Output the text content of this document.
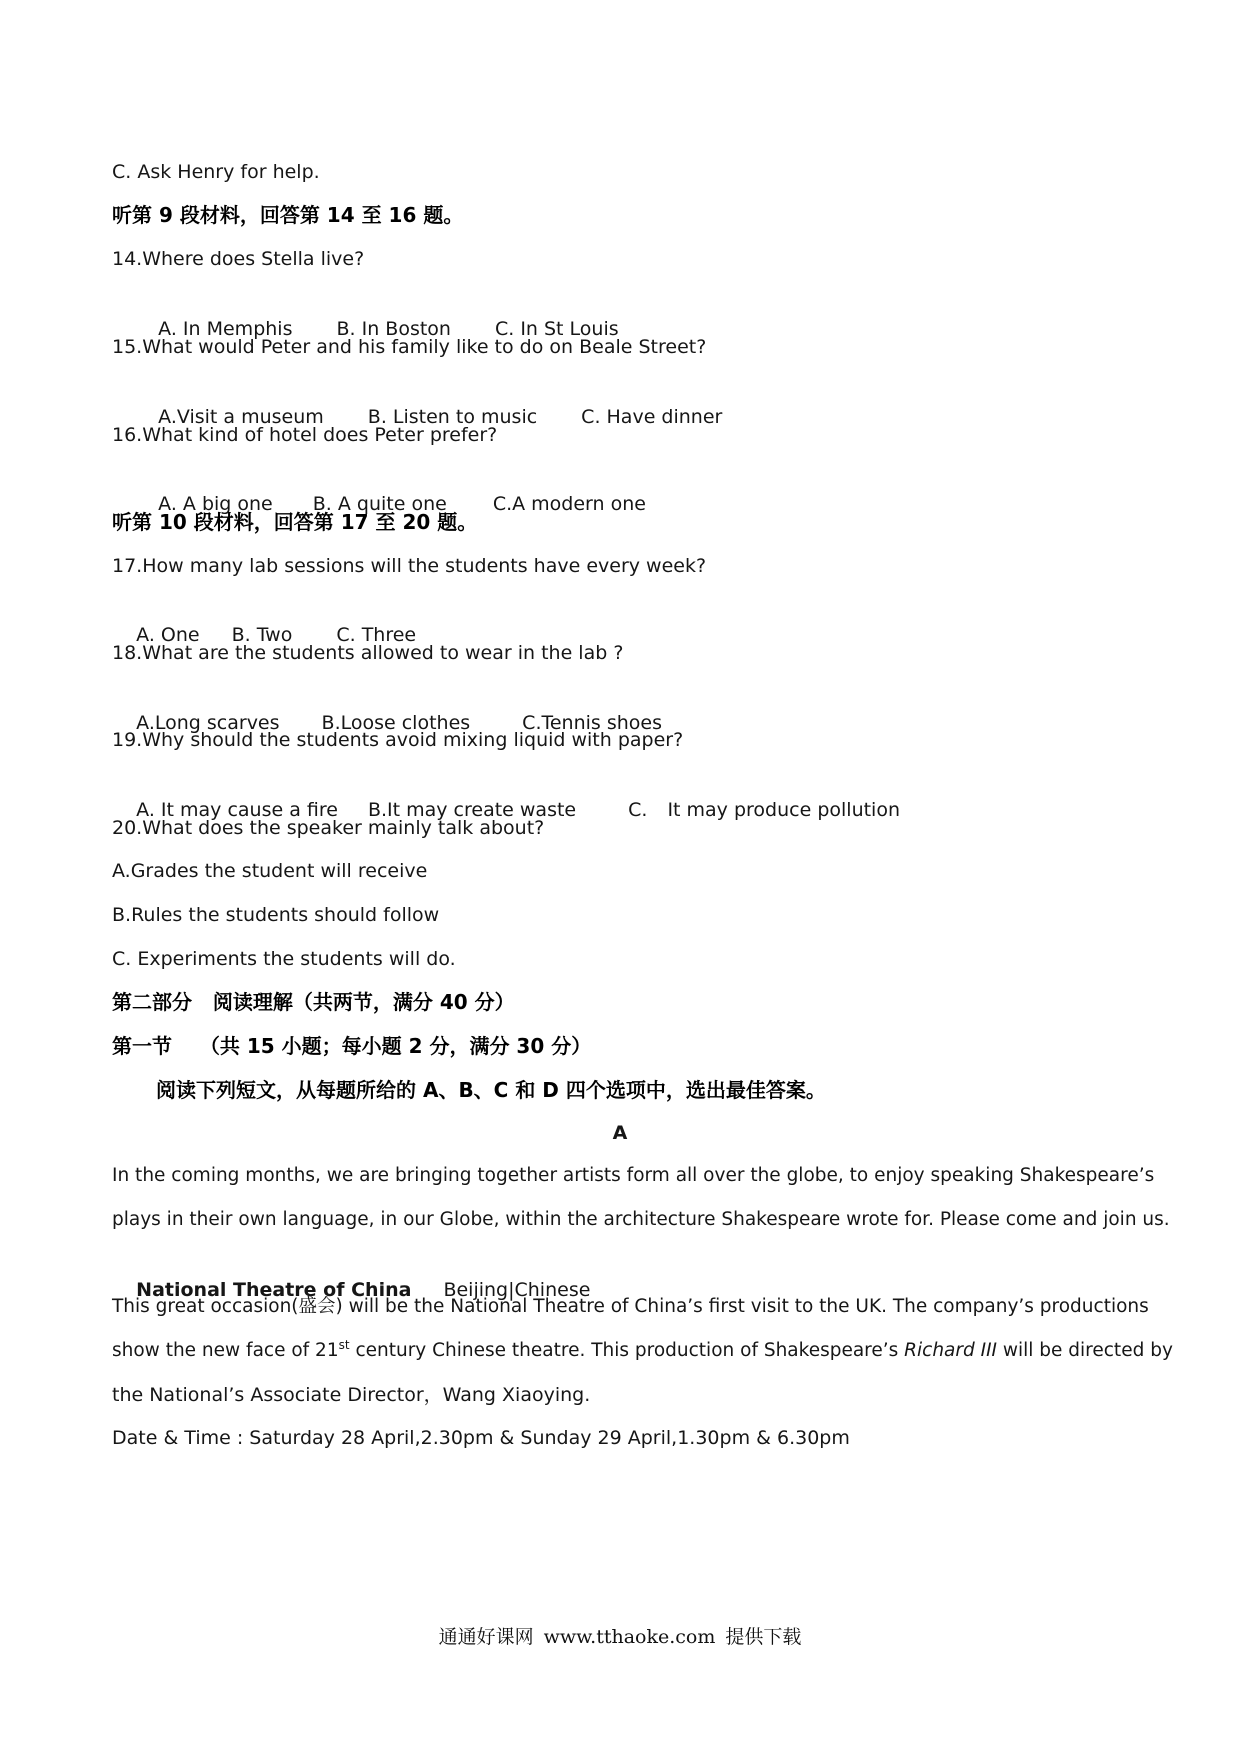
C. Ask Henry for help.
听第 9 段材料，回答第 14 至 16 题。
14.Where does Stella live?

A. In Memphis B. In Boston C. In St Louis

15.What would Peter and his family like to do on Beale Street?

A.Visit a museum B. Listen to music C. Have dinner

16.What kind of hotel does Peter prefer?

A. A big one B. A quite one C.A modern one

听第 10 段材料，回答第 17 至 20 题。
17.How many lab sessions will the students have every week?

A. One B. Two C. Three

18.What are the students allowed to wear in the lab ?

A.Long scarves B.Loose clothes	C.Tennis shoes

19.Why should the students avoid mixing liquid with paper?

A. It may cause a fire B.It may create waste	C. It may produce pollution

20.What does the speaker mainly talk about?
A.Grades the student will receive
B.Rules the students should follow
C. Experiments the students will do.
第二部分   阅读理解（共两节，满分 40 分）
第一节    （共 15 小题；每小题 2 分，满分 30 分）
阅读下列短文，从每题所给的 A、B、C 和 D 四个选项中，选出最佳答案。
A
In the coming months, we are bringing together artists form all over the globe, to enjoy speaking Shakespeare’s
plays in their own language, in our Globe, within the architecture Shakespeare wrote for. Please come and join us.

National Theatre of China Beijing|Chinese

This great occasion(盛会) will be the National Theatre of China’s first visit to the UK. The company’s productions
show the new face of 21st century Chinese theatre. This production of Shakespeare’s Richard III will be directed by
the National’s Associate Director，Wang Xiaoying.
Date & Time : Saturday 28 April,2.30pm & Sunday 29 April,1.30pm & 6.30pm
通通好课网 www.tthaoke.com 提供下载
